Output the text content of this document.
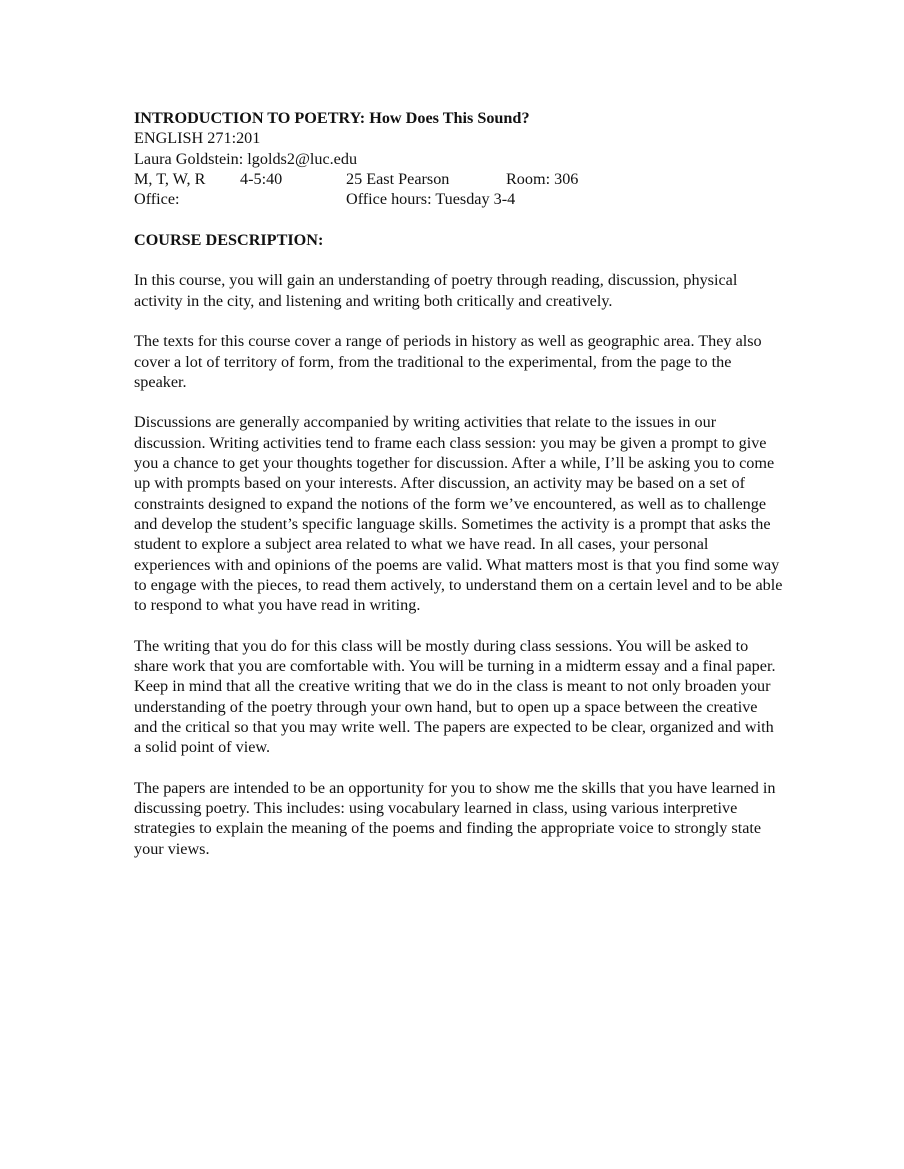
INTRODUCTION TO POETRY: How Does This Sound?
ENGLISH 271:201
Laura Goldstein: lgolds2@luc.edu
M, T, W, R	4-5:40	25 East Pearson	Room: 306
Office:	Office hours: Tuesday 3-4
COURSE DESCRIPTION:

In this course, you will gain an understanding of poetry through reading, discussion, physical activity in the city, and listening and writing both critically and creatively.

The texts for this course cover a range of periods in history as well as geographic area. They also cover a lot of territory of form, from the traditional to the experimental, from the page to the speaker.

Discussions are generally accompanied by writing activities that relate to the issues in our discussion. Writing activities tend to frame each class session: you may be given a prompt to give you a chance to get your thoughts together for discussion. After a while, I’ll be asking you to come up with prompts based on your interests. After discussion, an activity may be based on a set of constraints designed to expand the notions of the form we’ve encountered, as well as to challenge and develop the student’s specific language skills. Sometimes the activity is a prompt that asks the student to explore a subject area related to what we have read. In all cases, your personal experiences with and opinions of the poems are valid. What matters most is that you find some way to engage with the pieces, to read them actively, to understand them on a certain level and to be able to respond to what you have read in writing.

The writing that you do for this class will be mostly during class sessions. You will be asked to share work that you are comfortable with. You will be turning in a midterm essay and a final paper. Keep in mind that all the creative writing that we do in the class is meant to not only broaden your understanding of the poetry through your own hand, but to open up a space between the creative and the critical so that you may write well. The papers are expected to be clear, organized and with a solid point of view.

The papers are intended to be an opportunity for you to show me the skills that you have learned in discussing poetry. This includes: using vocabulary learned in class, using various interpretive strategies to explain the meaning of the poems and finding the appropriate voice to strongly state your views.
